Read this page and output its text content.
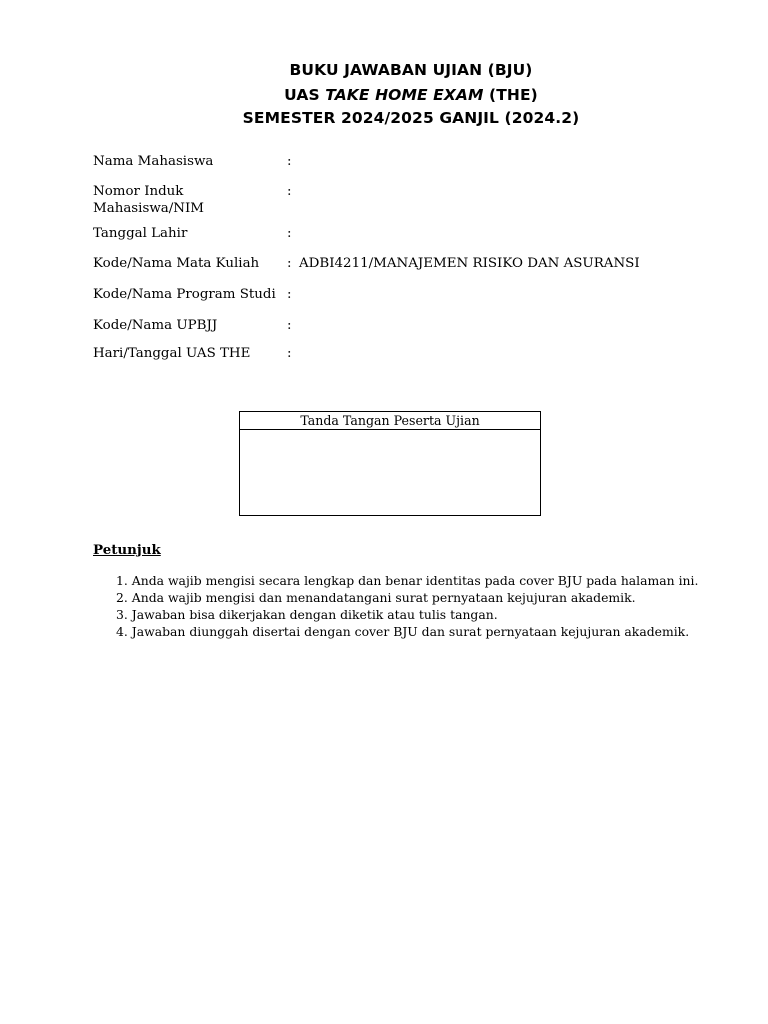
BUKU JAWABAN UJIAN (BJU)
UAS TAKE HOME EXAM (THE)
SEMESTER 2024/2025 GANJIL (2024.2)
Nama Mahasiswa	:
Nomor Induk Mahasiswa/NIM
:
Tanggal Lahir	:
Kode/Nama Mata Kuliah	: ADBI4211/MANAJEMEN RISIKO DAN ASURANSI
Kode/Nama Program Studi :
Kode/Nama UPBJJ	:
Hari/Tanggal UAS THE	:
Tanda Tangan Peserta Ujian
Petunjuk
1. Anda wajib mengisi secara lengkap dan benar identitas pada cover BJU pada halaman ini.
2. Anda wajib mengisi dan menandatangani surat pernyataan kejujuran akademik.
3. Jawaban bisa dikerjakan dengan diketik atau tulis tangan.
4. Jawaban diunggah disertai dengan cover BJU dan surat pernyataan kejujuran akademik.
